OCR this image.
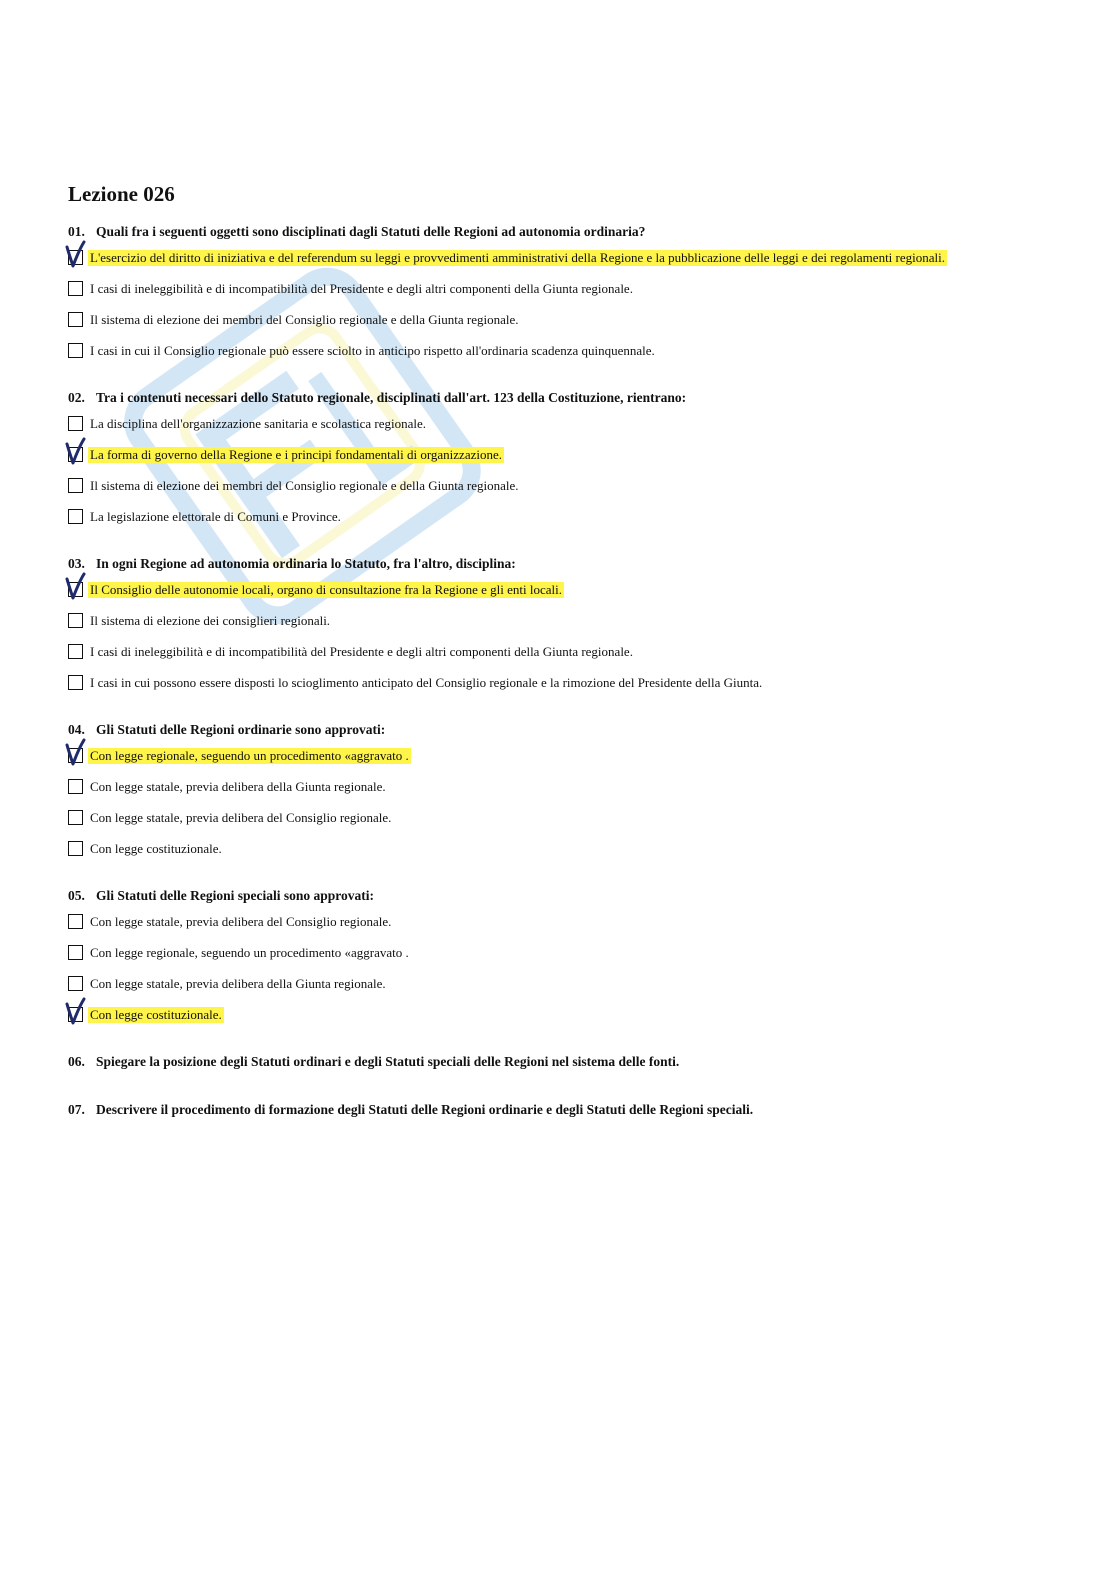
Lezione 026

01. Quali fra i seguenti oggetti sono disciplinati dagli Statuti delle Regioni ad autonomia ordinaria?

L'esercizio del diritto di iniziativa e del referendum su leggi e provvedimenti amministrativi della Regione e la pubblicazione delle leggi e dei regolamenti regionali.
I casi di ineleggibilità e di incompatibilità del Presidente e degli altri componenti della Giunta regionale.
Il sistema di elezione dei membri del Consiglio regionale e della Giunta regionale.
I casi in cui il Consiglio regionale può essere sciolto in anticipo rispetto all'ordinaria scadenza quinquennale.

02. Tra i contenuti necessari dello Statuto regionale, disciplinati dall'art. 123 della Costituzione, rientrano:

La disciplina dell'organizzazione sanitaria e scolastica regionale.
La forma di governo della Regione e i principi fondamentali di organizzazione.
Il sistema di elezione dei membri del Consiglio regionale e della Giunta regionale.
La legislazione elettorale di Comuni e Province.

03. In ogni Regione ad autonomia ordinaria lo Statuto, fra l'altro, disciplina:

Il Consiglio delle autonomie locali, organo di consultazione fra la Regione e gli enti locali.
Il sistema di elezione dei consiglieri regionali.
I casi di ineleggibilità e di incompatibilità del Presidente e degli altri componenti della Giunta regionale.
I casi in cui possono essere disposti lo scioglimento anticipato del Consiglio regionale e la rimozione del Presidente della Giunta.

04. Gli Statuti delle Regioni ordinarie sono approvati:

Con legge regionale, seguendo un procedimento «aggravato .
Con legge statale, previa delibera della Giunta regionale.
Con legge statale, previa delibera del Consiglio regionale.
Con legge costituzionale.

05. Gli Statuti delle Regioni speciali sono approvati:

Con legge statale, previa delibera del Consiglio regionale.
Con legge regionale, seguendo un procedimento «aggravato .
Con legge statale, previa delibera della Giunta regionale.
Con legge costituzionale.

06. Spiegare la posizione degli Statuti ordinari e degli Statuti speciali delle Regioni nel sistema delle fonti.

07. Descrivere il procedimento di formazione degli Statuti delle Regioni ordinarie e degli Statuti delle Regioni speciali.
